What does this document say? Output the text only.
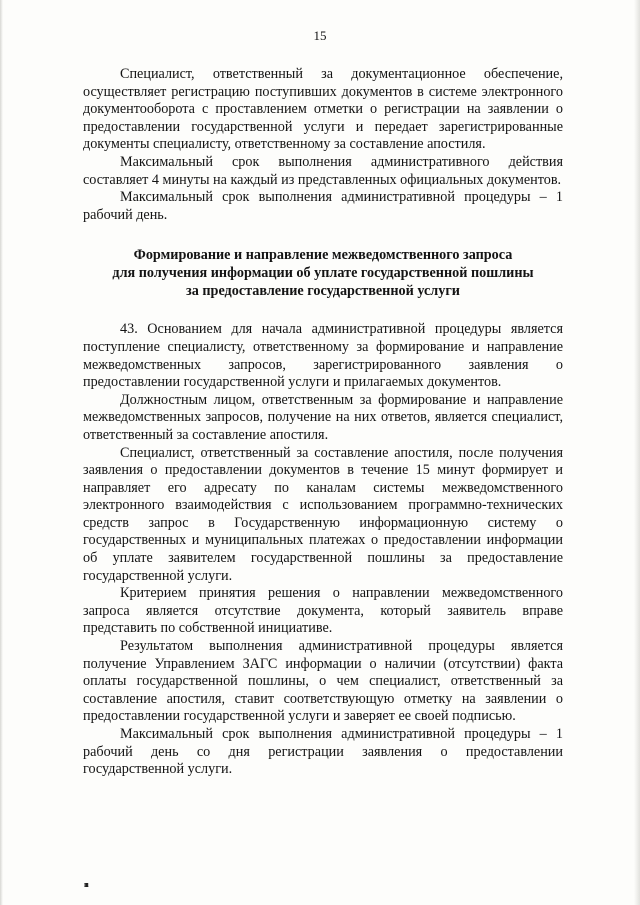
15

Специалист, ответственный за документационное обеспечение, осуществляет регистрацию поступивших документов в системе электронного документооборота с проставлением отметки о регистрации на заявлении о предоставлении государственной услуги и передает зарегистрированные документы специалисту, ответственному за составление апостиля.

Максимальный срок выполнения административного действия составляет 4 минуты на каждый из представленных официальных документов.

Максимальный срок выполнения административной процедуры – 1 рабочий день.

Формирование и направление межведомственного запроса
для получения информации об уплате государственной пошлины
за предоставление государственной услуги

43. Основанием для начала административной процедуры является поступление специалисту, ответственному за формирование и направление межведомственных запросов, зарегистрированного заявления о предоставлении государственной услуги и прилагаемых документов.

Должностным лицом, ответственным за формирование и направление межведомственных запросов, получение на них ответов, является специалист, ответственный за составление апостиля.

Специалист, ответственный за составление апостиля, после получения заявления о предоставлении документов в течение 15 минут формирует и направляет его адресату по каналам системы межведомственного электронного взаимодействия с использованием программно-технических средств запрос в Государственную информационную систему о государственных и муниципальных платежах о предоставлении информации об уплате заявителем государственной пошлины за предоставление государственной услуги.

Критерием принятия решения о направлении межведомственного запроса является отсутствие документа, который заявитель вправе представить по собственной инициативе.

Результатом выполнения административной процедуры является получение Управлением ЗАГС информации о наличии (отсутствии) факта оплаты государственной пошлины, о чем специалист, ответственный за составление апостиля, ставит соответствующую отметку на заявлении о предоставлении государственной услуги и заверяет ее своей подписью.

Максимальный срок выполнения административной процедуры – 1 рабочий день со дня регистрации заявления о предоставлении государственной услуги.

ııı
